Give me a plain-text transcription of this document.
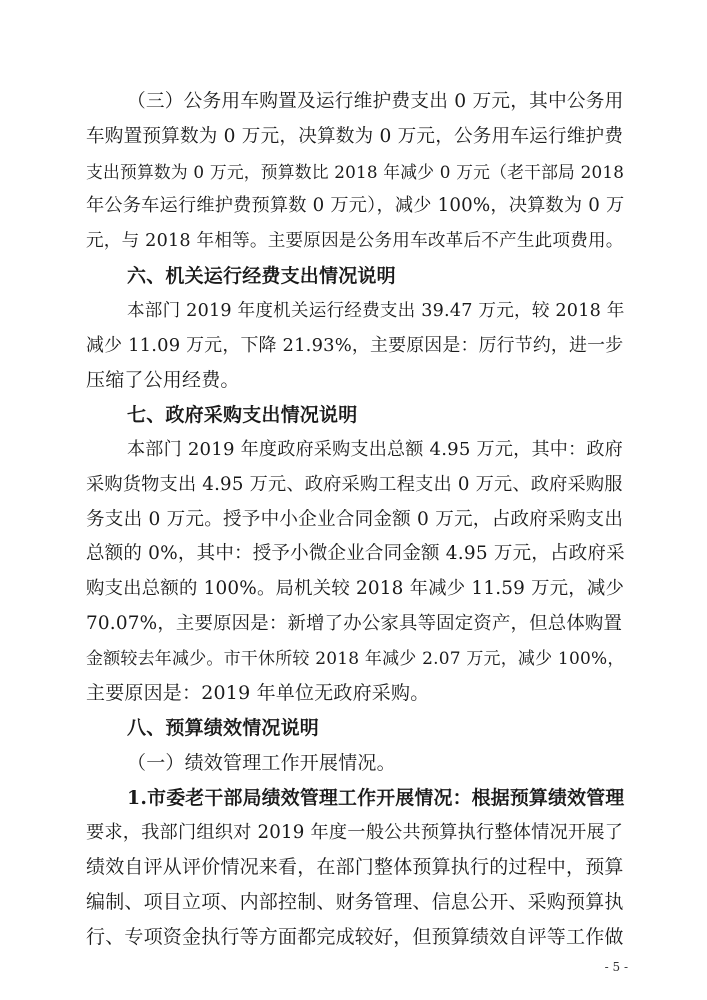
（三）公务用车购置及运行维护费支出 0 万元，其中公务用
车购置预算数为 0 万元，决算数为 0 万元，公务用车运行维护费
支出预算数为 0 万元，预算数比 2018 年减少 0 万元（老干部局 2018
年公务车运行维护费预算数 0 万元），减少 100%，决算数为 0 万
元，与 2018 年相等。主要原因是公务用车改革后不产生此项费用。
六、机关运行经费支出情况说明
本部门 2019 年度机关运行经费支出 39.47 万元，较 2018 年
减少 11.09 万元，下降 21.93%，主要原因是：厉行节约，进一步
压缩了公用经费。
七、政府采购支出情况说明
本部门 2019 年度政府采购支出总额 4.95 万元，其中：政府
采购货物支出 4.95 万元、政府采购工程支出 0 万元、政府采购服
务支出 0 万元。授予中小企业合同金额 0 万元，占政府采购支出
总额的 0%，其中：授予小微企业合同金额 4.95 万元，占政府采
购支出总额的 100%。局机关较 2018 年减少 11.59 万元，减少
70.07%，主要原因是：新增了办公家具等固定资产，但总体购置
金额较去年减少。市干休所较 2018 年减少 2.07 万元，减少 100%，
主要原因是：2019 年单位无政府采购。
八、预算绩效情况说明
（一）绩效管理工作开展情况。
1.市委老干部局绩效管理工作开展情况：根据预算绩效管理
要求，我部门组织对 2019 年度一般公共预算执行整体情况开展了
绩效自评从评价情况来看，在部门整体预算执行的过程中，预算
编制、项目立项、内部控制、财务管理、信息公开、采购预算执
行、专项资金执行等方面都完成较好，但预算绩效自评等工作做
- 5 -
